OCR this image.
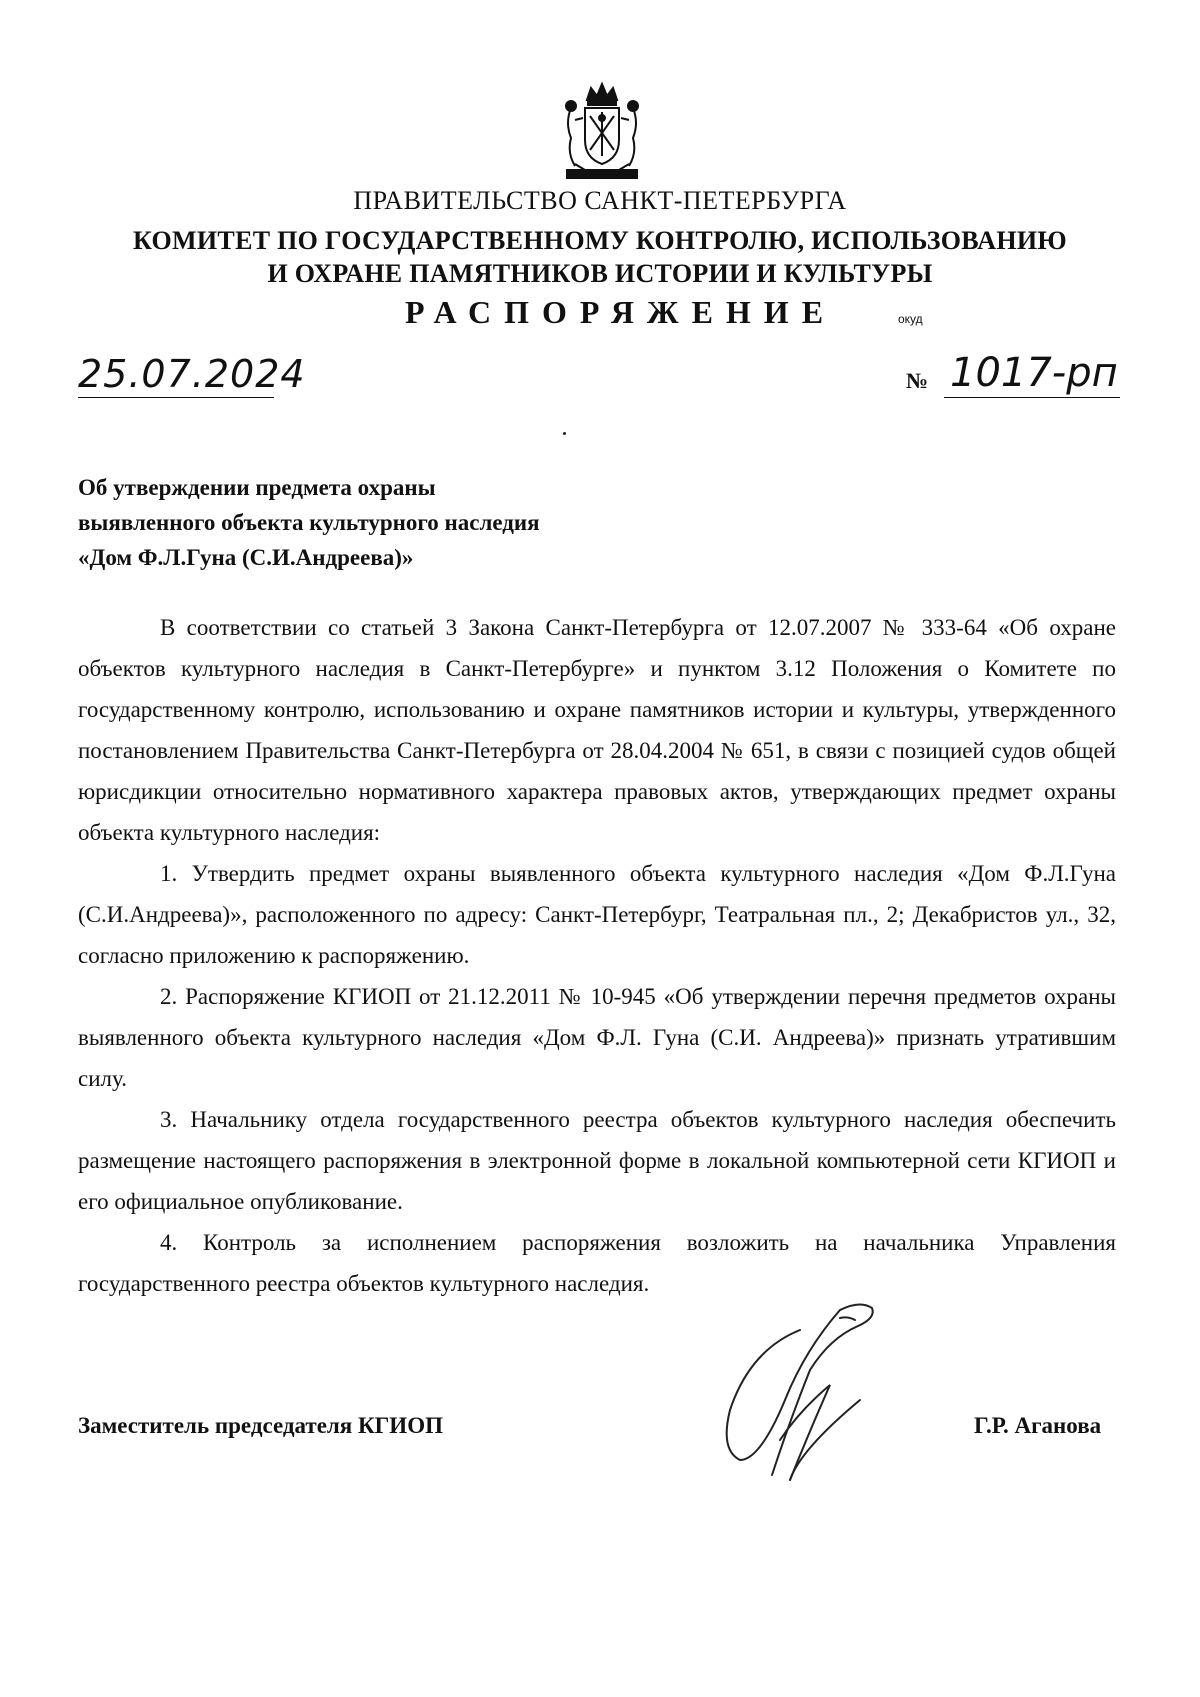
ПРАВИТЕЛЬСТВО САНКТ-ПЕТЕРБУРГА
КОМИТЕТ ПО ГОСУДАРСТВЕННОМУ КОНТРОЛЮ, ИСПОЛЬЗОВАНИЮ
И ОХРАНЕ ПАМЯТНИКОВ ИСТОРИИ И КУЛЬТУРЫ
РАСПОРЯЖЕНИЕ	окуд
25.07.2024	№ 1017-рп
Об утверждении предмета охраны
выявленного объекта культурного наследия
«Дом Ф.Л.Гуна (С.И.Андреева)»

В соответствии со статьей 3 Закона Санкт-Петербурга от 12.07.2007 № 333-64 «Об охране объектов культурного наследия в Санкт-Петербурге» и пунктом 3.12 Положения о Комитете по государственному контролю, использованию и охране памятников истории и культуры, утвержденного постановлением Правительства Санкт-Петербурга от 28.04.2004 № 651, в связи с позицией судов общей юрисдикции относительно нормативного характера правовых актов, утверждающих предмет охраны объекта культурного наследия:

1. Утвердить предмет охраны выявленного объекта культурного наследия «Дом Ф.Л.Гуна (С.И.Андреева)», расположенного по адресу: Санкт-Петербург, Театральная пл., 2; Декабристов ул., 32, согласно приложению к распоряжению.

2. Распоряжение КГИОП от 21.12.2011 № 10-945 «Об утверждении перечня предметов охраны выявленного объекта культурного наследия «Дом Ф.Л. Гуна (С.И. Андреева)» признать утратившим силу.

3. Начальнику отдела государственного реестра объектов культурного наследия обеспечить размещение настоящего распоряжения в электронной форме в локальной компьютерной сети КГИОП и его официальное опубликование.

4. Контроль за исполнением распоряжения возложить на начальника Управления государственного реестра объектов культурного наследия.

Заместитель председателя КГИОП	Г.Р. Аганова
